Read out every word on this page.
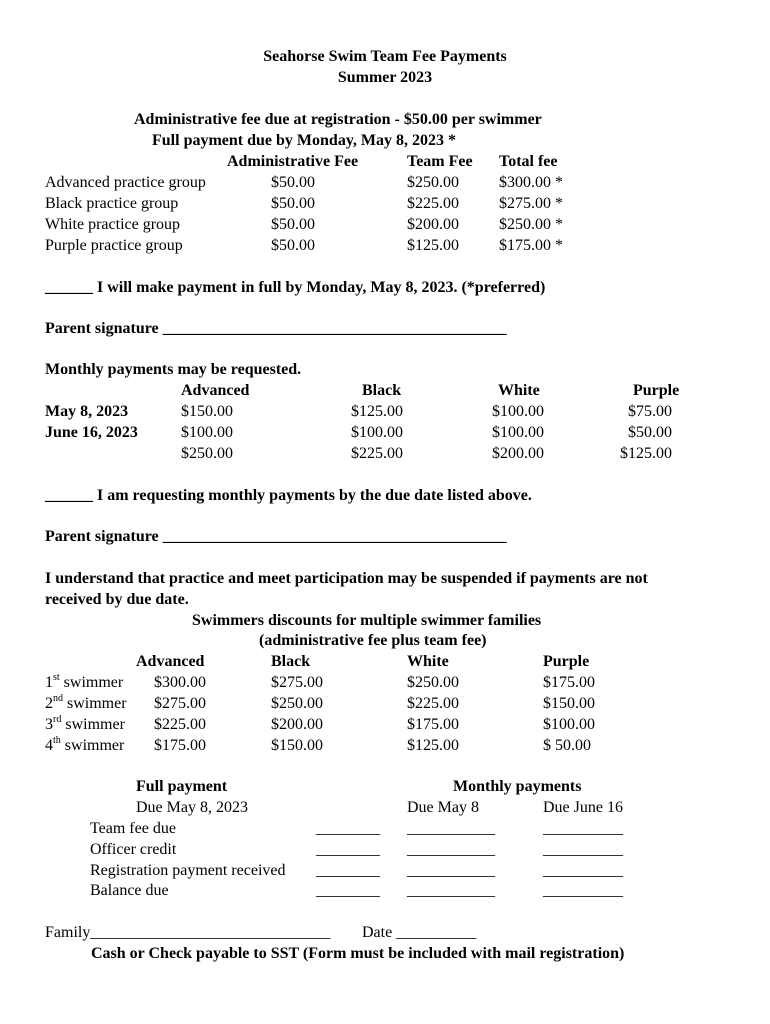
Seahorse Swim Team Fee Payments
Summer 2023
Administrative fee due at registration - $50.00 per swimmer
Full payment due by Monday, May 8, 2023 *
Administrative Fee	Team Fee Total fee
Advanced practice group	$50.00	$250.00	$300.00 *
Black practice group	$50.00	$225.00	$275.00 *
White practice group	$50.00	$200.00	$250.00 *
Purple practice group	$50.00	$125.00	$175.00 *
______ I will make payment in full by Monday, May 8, 2023. (*preferred)
Parent signature ___________________________________________
Monthly payments may be requested.
Advanced	Black	White	Purple
May 8, 2023	$150.00	$125.00	$100.00	$75.00
June 16, 2023	$100.00	$100.00	$100.00	$50.00
$250.00	$225.00	$200.00	$125.00
______ I am requesting monthly payments by the due date listed above.
Parent signature ___________________________________________
I understand that practice and meet participation may be suspended if payments are not
received by due date.
Swimmers discounts for multiple swimmer families
(administrative fee plus team fee)
Advanced	Black	White	Purple
1st swimmer $300.00	$275.00	$250.00	$175.00
2nd swimmer $275.00	$250.00	$225.00	$150.00
3rd swimmer $225.00	$200.00	$175.00	$100.00
4th swimmer $175.00	$150.00	$125.00	$ 50.00
Full payment	Monthly payments
Due May 8, 2023	Due May 8	Due June 16
Team fee due	________ ___________	__________
Officer credit	________ ___________	__________
Registration payment received ________ ___________	__________
Balance due	________ ___________	__________
Family______________________________ Date __________
Cash or Check payable to SST (Form must be included with mail registration)
